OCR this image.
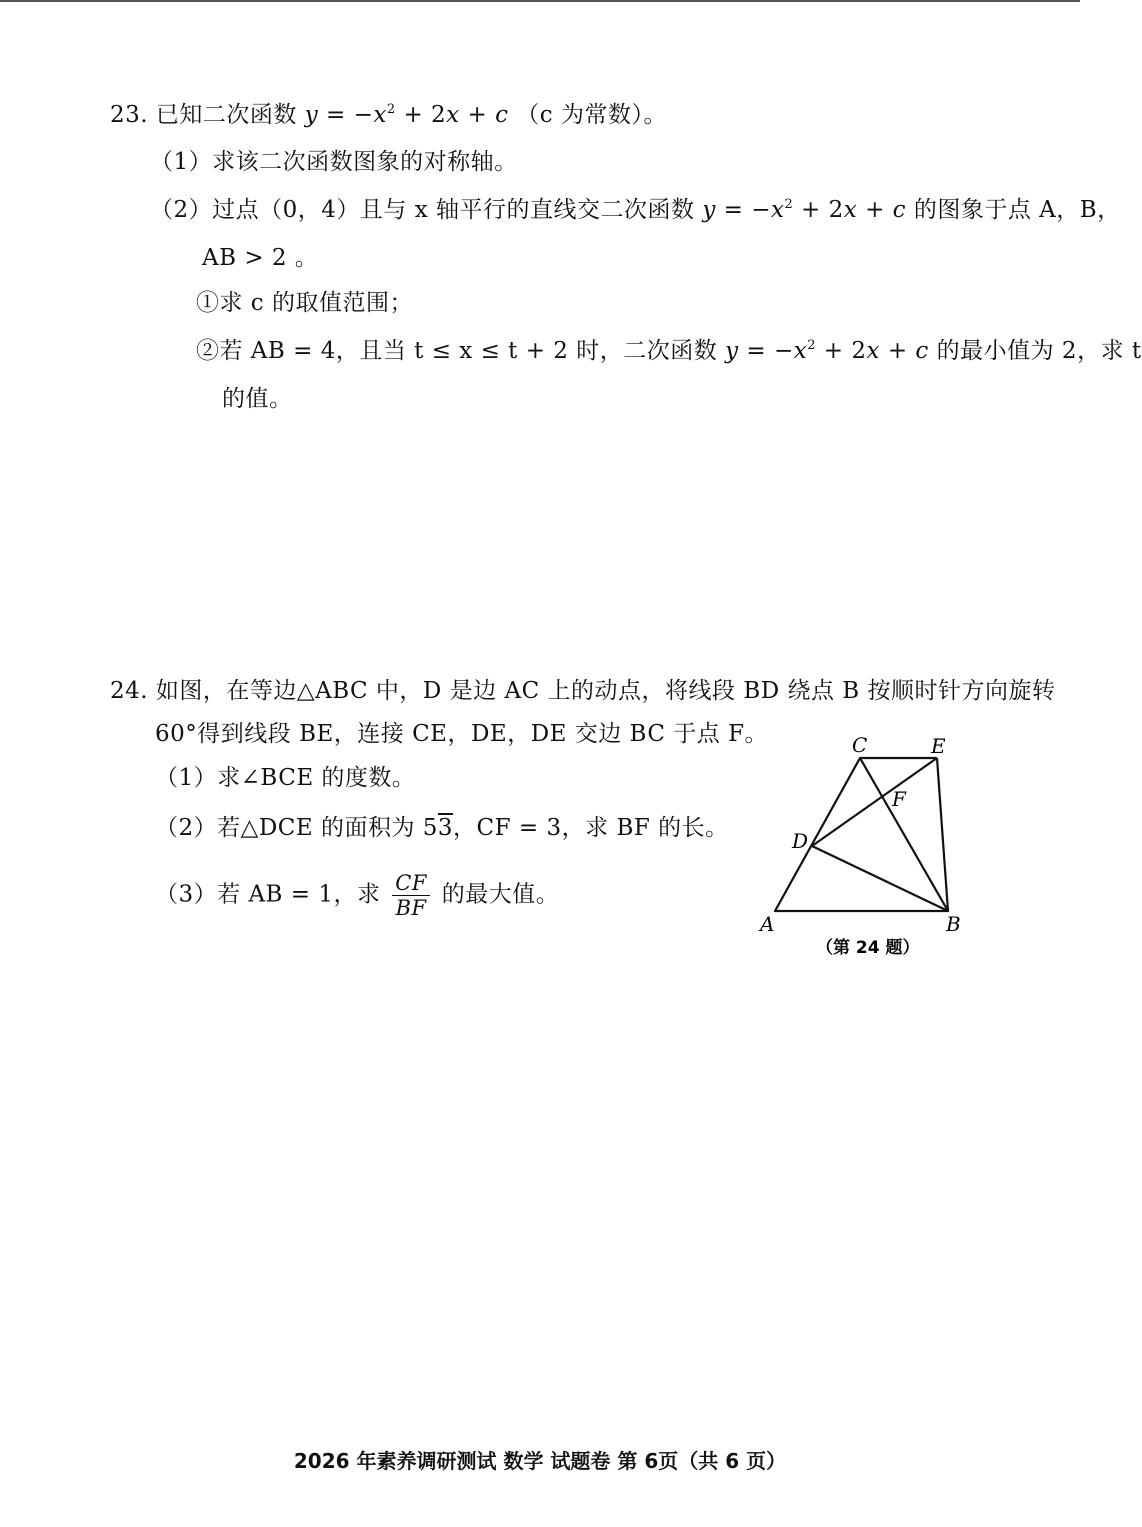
23. 已知二次函数 $y = -x^2 + 2x + c$ （c 为常数）。
（1）求该二次函数图象的对称轴。
（2）过点（0，4）且与 x 轴平行的直线交二次函数 $y = -x^2 + 2x + c$ 的图象于点 A，B，
AB > 2 。
①求 c 的取值范围；
②若 AB = 4，且当 t ≤ x ≤ t + 2 时，二次函数 $y = -x^2 + 2x + c$ 的最小值为 2，求 t
的值。
24. 如图，在等边△ABC 中，D 是边 AC 上的动点，将线段 BD 绕点 B 按顺时针方向旋转
60°得到线段 BE，连接 CE，DE，DE 交边 BC 于点 F。
（1）求∠BCE 的度数。
（2）若△DCE 的面积为 53，CF = 3，求 BF 的长。
（3）若 AB = 1，求 $\frac{CF}{BF}$ 的最大值。
C	E
F
D
A	B
（第 24 题）
2026 年素养调研测试 数学 试题卷 第 6页（共 6 页）
